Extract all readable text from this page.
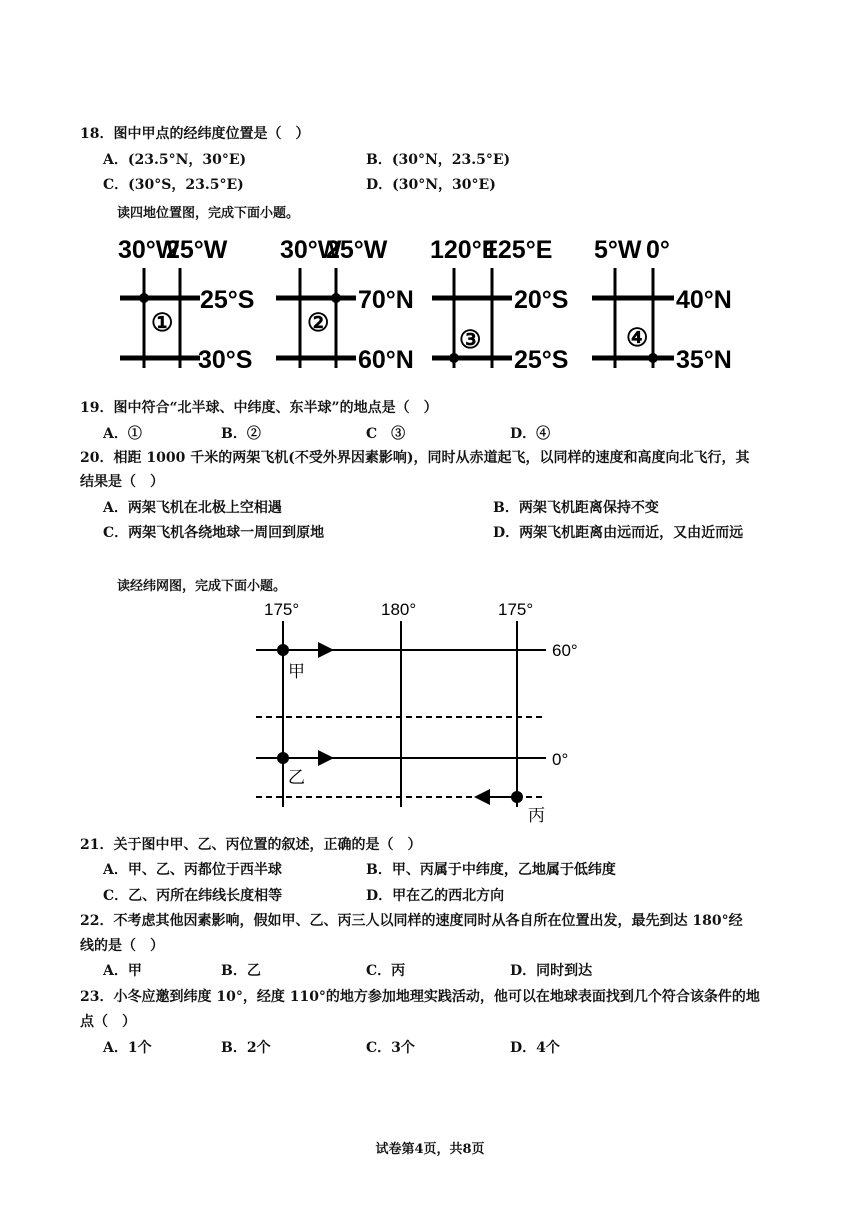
18．图中甲点的经纬度位置是（　）
A．(23.5°N，30°E)	B．(30°N，23.5°E)
C．(30°S，23.5°E)	D．(30°N，30°E)
读四地位置图，完成下面小题。
30°W
25°W
25°S
30°S
①
30°W
25°W
70°N
60°N
②
120°E
125°E
20°S
25°S
③
5°W 0°
40°N
35°N
④
19．图中符合“北半球、中纬度、东半球”的地点是（　）
A．①	B．②	C　③	D．④
20．相距 1000 千米的两架飞机(不受外界因素影响)，同时从赤道起飞，以同样的速度和高度向北飞行，其
结果是（　）
A．两架飞机在北极上空相遇	B．两架飞机距离保持不变
C．两架飞机各绕地球一周回到原地	D．两架飞机距离由远而近，又由近而远
读经纬网图，完成下面小题。
175°	180°	175°
60°
0°
甲
乙
丙
21．关于图中甲、乙、丙位置的叙述，正确的是（　）
A．甲、乙、丙都位于西半球	B．甲、丙属于中纬度，乙地属于低纬度
C．乙、丙所在纬线长度相等	D．甲在乙的西北方向
22．不考虑其他因素影响，假如甲、乙、丙三人以同样的速度同时从各自所在位置出发，最先到达 180°经
线的是（　）
A．甲	B．乙	C．丙	D．同时到达
23．小冬应邀到纬度 10°，经度 110°的地方参加地理实践活动，他可以在地球表面找到几个符合该条件的地
点（　）
A．1个	B．2个	C．3个	D．4个
试卷第4页，共8页
